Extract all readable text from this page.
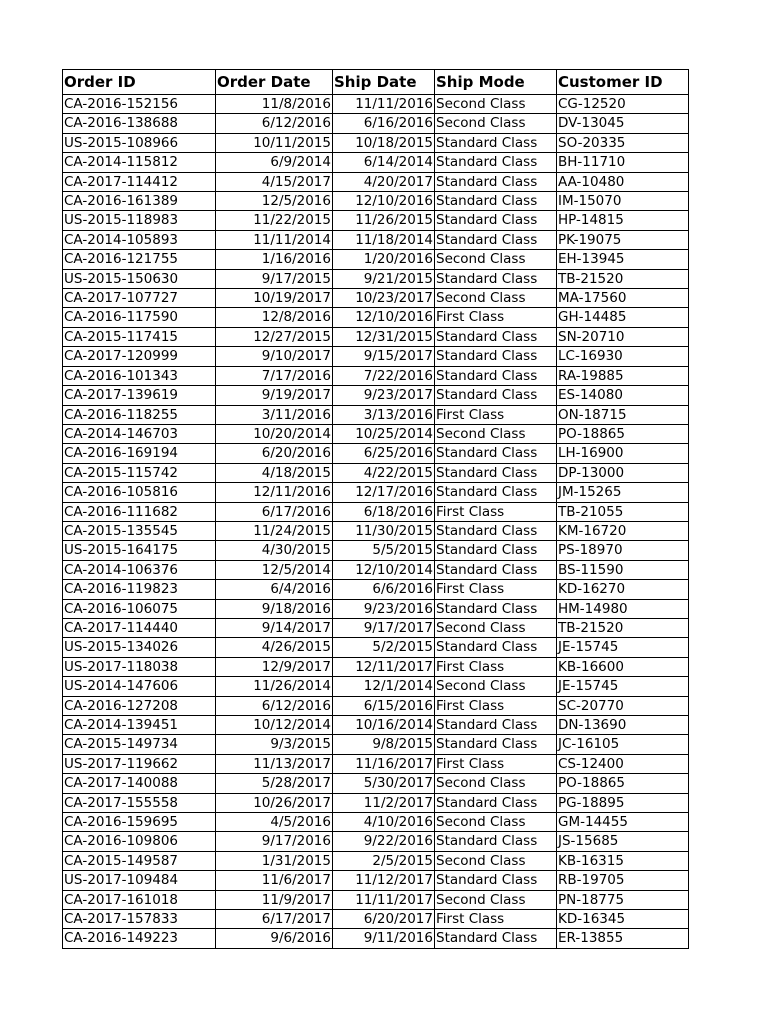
Order ID	Order Date	Ship Date	Ship Mode	Customer ID
CA-2016-152156	11/8/2016	11/11/2016	Second Class	CG-12520
CA-2016-138688	6/12/2016	6/16/2016	Second Class	DV-13045
US-2015-108966	10/11/2015	10/18/2015	Standard Class	SO-20335
CA-2014-115812	6/9/2014	6/14/2014	Standard Class	BH-11710
CA-2017-114412	4/15/2017	4/20/2017	Standard Class	AA-10480
CA-2016-161389	12/5/2016	12/10/2016	Standard Class	IM-15070
US-2015-118983	11/22/2015	11/26/2015	Standard Class	HP-14815
CA-2014-105893	11/11/2014	11/18/2014	Standard Class	PK-19075
CA-2016-121755	1/16/2016	1/20/2016	Second Class	EH-13945
US-2015-150630	9/17/2015	9/21/2015	Standard Class	TB-21520
CA-2017-107727	10/19/2017	10/23/2017	Second Class	MA-17560
CA-2016-117590	12/8/2016	12/10/2016	First Class	GH-14485
CA-2015-117415	12/27/2015	12/31/2015	Standard Class	SN-20710
CA-2017-120999	9/10/2017	9/15/2017	Standard Class	LC-16930
CA-2016-101343	7/17/2016	7/22/2016	Standard Class	RA-19885
CA-2017-139619	9/19/2017	9/23/2017	Standard Class	ES-14080
CA-2016-118255	3/11/2016	3/13/2016	First Class	ON-18715
CA-2014-146703	10/20/2014	10/25/2014	Second Class	PO-18865
CA-2016-169194	6/20/2016	6/25/2016	Standard Class	LH-16900
CA-2015-115742	4/18/2015	4/22/2015	Standard Class	DP-13000
CA-2016-105816	12/11/2016	12/17/2016	Standard Class	JM-15265
CA-2016-111682	6/17/2016	6/18/2016	First Class	TB-21055
CA-2015-135545	11/24/2015	11/30/2015	Standard Class	KM-16720
US-2015-164175	4/30/2015	5/5/2015	Standard Class	PS-18970
CA-2014-106376	12/5/2014	12/10/2014	Standard Class	BS-11590
CA-2016-119823	6/4/2016	6/6/2016	First Class	KD-16270
CA-2016-106075	9/18/2016	9/23/2016	Standard Class	HM-14980
CA-2017-114440	9/14/2017	9/17/2017	Second Class	TB-21520
US-2015-134026	4/26/2015	5/2/2015	Standard Class	JE-15745
US-2017-118038	12/9/2017	12/11/2017	First Class	KB-16600
US-2014-147606	11/26/2014	12/1/2014	Second Class	JE-15745
CA-2016-127208	6/12/2016	6/15/2016	First Class	SC-20770
CA-2014-139451	10/12/2014	10/16/2014	Standard Class	DN-13690
CA-2015-149734	9/3/2015	9/8/2015	Standard Class	JC-16105
US-2017-119662	11/13/2017	11/16/2017	First Class	CS-12400
CA-2017-140088	5/28/2017	5/30/2017	Second Class	PO-18865
CA-2017-155558	10/26/2017	11/2/2017	Standard Class	PG-18895
CA-2016-159695	4/5/2016	4/10/2016	Second Class	GM-14455
CA-2016-109806	9/17/2016	9/22/2016	Standard Class	JS-15685
CA-2015-149587	1/31/2015	2/5/2015	Second Class	KB-16315
US-2017-109484	11/6/2017	11/12/2017	Standard Class	RB-19705
CA-2017-161018	11/9/2017	11/11/2017	Second Class	PN-18775
CA-2017-157833	6/17/2017	6/20/2017	First Class	KD-16345
CA-2016-149223	9/6/2016	9/11/2016	Standard Class	ER-13855
